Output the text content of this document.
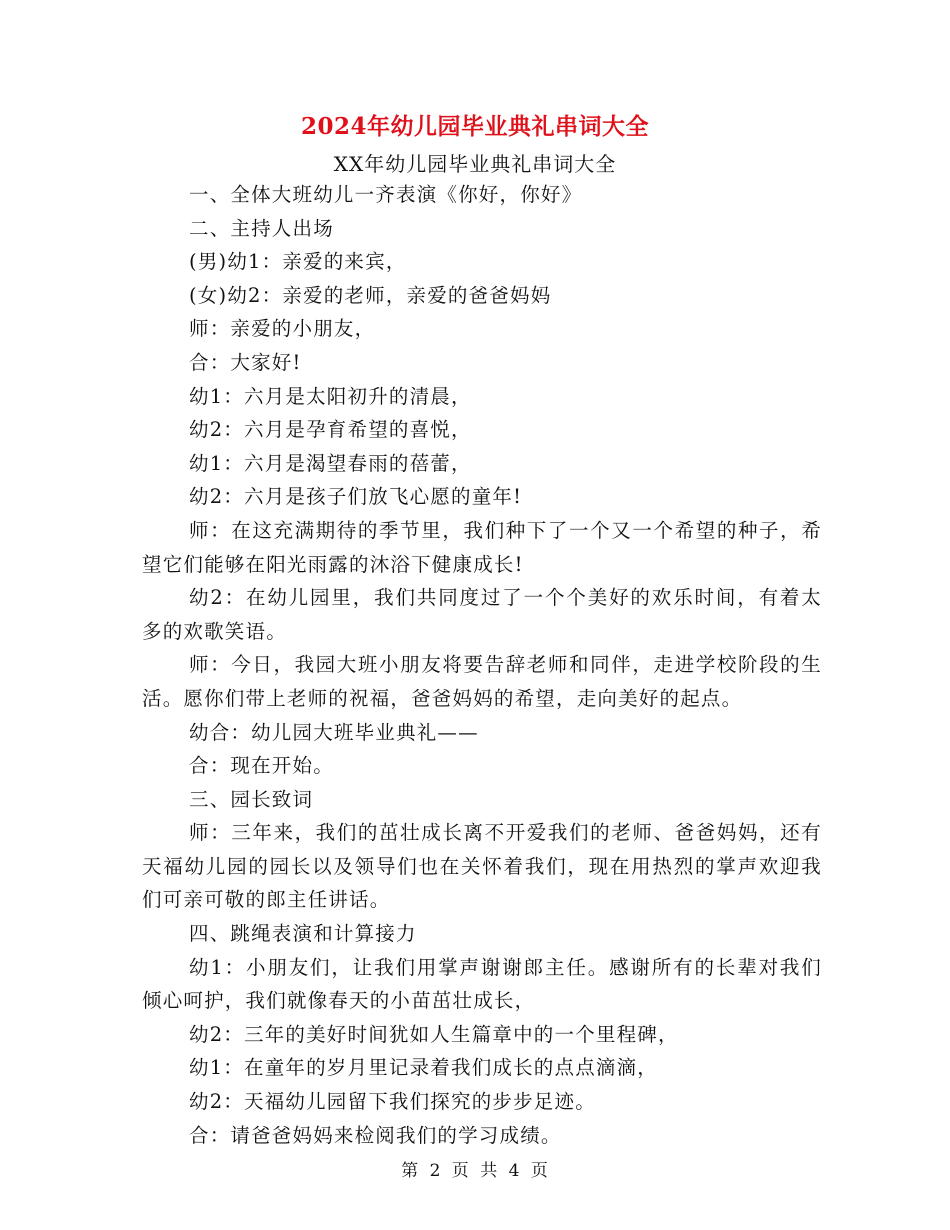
2024年幼儿园毕业典礼串词大全
XX年幼儿园毕业典礼串词大全

一、全体大班幼儿一齐表演《你好，你好》

二、主持人出场

(男)幼1：亲爱的来宾，

(女)幼2：亲爱的老师，亲爱的爸爸妈妈

师：亲爱的小朋友，

合：大家好!

幼1：六月是太阳初升的清晨，

幼2：六月是孕育希望的喜悦，

幼1：六月是渴望春雨的蓓蕾，

幼2：六月是孩子们放飞心愿的童年!

师：在这充满期待的季节里，我们种下了一个又一个希望的种子，希望它们能够在阳光雨露的沐浴下健康成长!

幼2：在幼儿园里，我们共同度过了一个个美好的欢乐时间，有着太多的欢歌笑语。

师：今日，我园大班小朋友将要告辞老师和同伴，走进学校阶段的生活。愿你们带上老师的祝福，爸爸妈妈的希望，走向美好的起点。

幼合：幼儿园大班毕业典礼——

合：现在开始。

三、园长致词

师：三年来，我们的茁壮成长离不开爱我们的老师、爸爸妈妈，还有天福幼儿园的园长以及领导们也在关怀着我们，现在用热烈的掌声欢迎我们可亲可敬的郎主任讲话。

四、跳绳表演和计算接力

幼1：小朋友们，让我们用掌声谢谢郎主任。感谢所有的长辈对我们倾心呵护，我们就像春天的小苗茁壮成长，

幼2：三年的美好时间犹如人生篇章中的一个里程碑，

幼1：在童年的岁月里记录着我们成长的点点滴滴，

幼2：天福幼儿园留下我们探究的步步足迹。

合：请爸爸妈妈来检阅我们的学习成绩。

第 2 页 共 4 页
